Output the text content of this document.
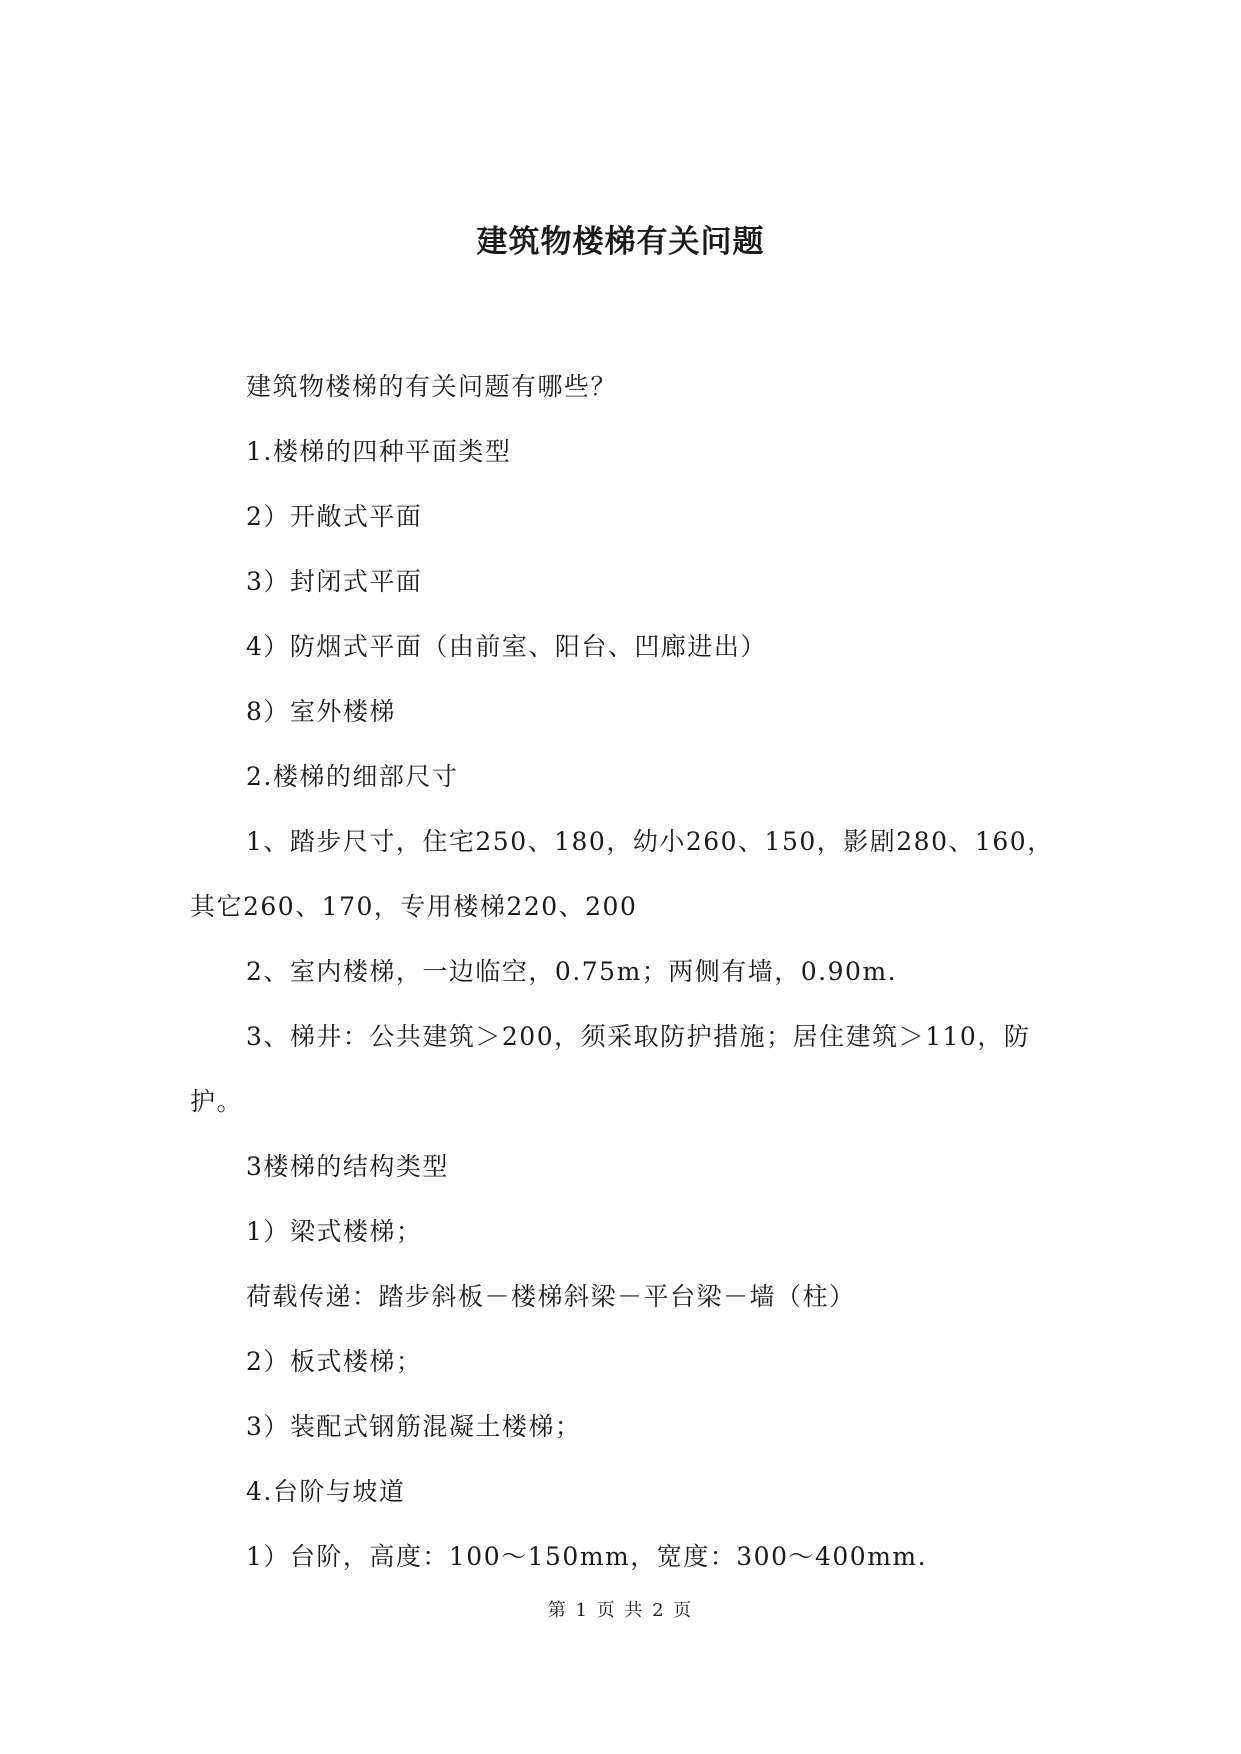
建筑物楼梯有关问题

建筑物楼梯的有关问题有哪些？

1.楼梯的四种平面类型

2）开敞式平面

3）封闭式平面

4）防烟式平面（由前室、阳台、凹廊进出）

8）室外楼梯

2.楼梯的细部尺寸

1、踏步尺寸，住宅250、180，幼小260、150，影剧280、160，其它260、170，专用楼梯220、200

2、室内楼梯，一边临空，0.75m；两侧有墙，0.90m.

3、梯井：公共建筑＞200，须采取防护措施；居住建筑＞110，防护。

3楼梯的结构类型

1）梁式楼梯；

荷载传递：踏步斜板－楼梯斜梁－平台梁－墙（柱）

2）板式楼梯；

3）装配式钢筋混凝土楼梯；

4.台阶与坡道

1）台阶，高度：100～150mm，宽度：300～400mm.

第 1 页 共 2 页
